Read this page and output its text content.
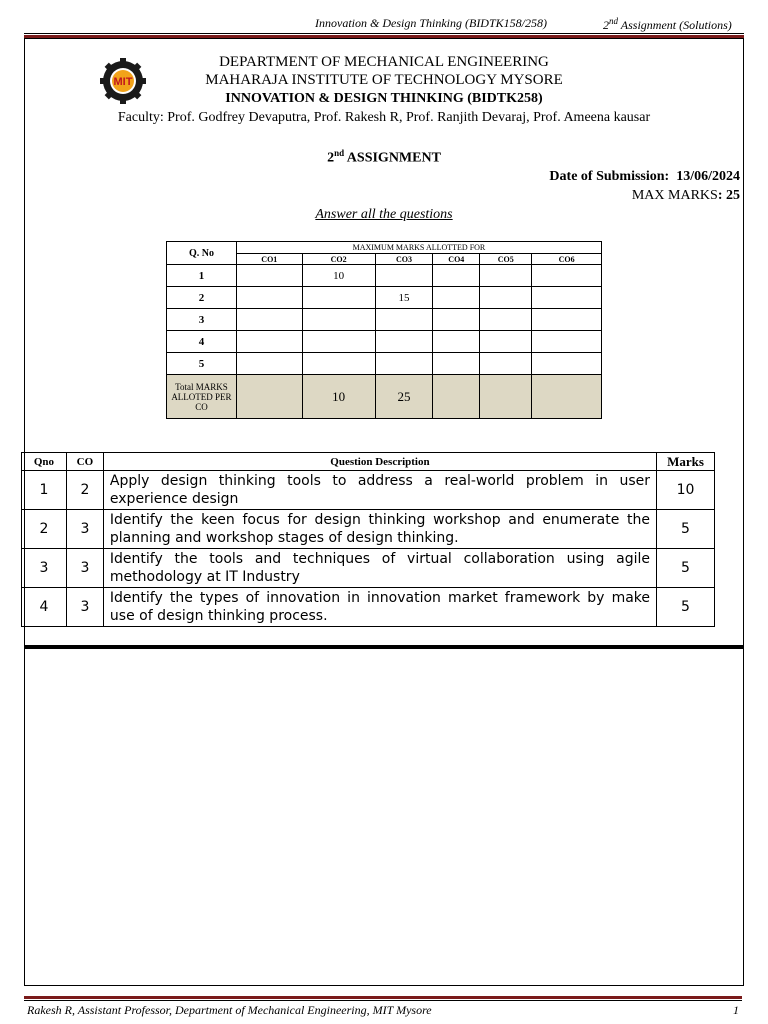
Innovation & Design Thinking (BIDTK158/258)	2nd Assignment (Solutions)
MIT
DEPARTMENT OF MECHANICAL ENGINEERING
MAHARAJA INSTITUTE OF TECHNOLOGY MYSORE
INNOVATION & DESIGN THINKING (BIDTK258)
Faculty: Prof. Godfrey Devaputra, Prof. Rakesh R, Prof. Ranjith Devaraj, Prof. Ameena kausar
2nd ASSIGNMENT
Date of Submission: 13/06/2024
MAX MARKS: 25
Answer all the questions
Q. No	MAXIMUM MARKS ALLOTTED FOR					
	CO1	CO2	CO3	CO4	CO5	CO6
1		10				
2			15			
3						
4						
5						
Total MARKS ALLOTED PER CO		10	25			
Qno	CO	Question Description	Marks
1	2	Apply design thinking tools to address a real-world problem in user experience design	10
2	3	Identify the keen focus for design thinking workshop and enumerate the planning and workshop stages of design thinking.	5
3	3	Identify the tools and techniques of virtual collaboration using agile methodology at IT Industry	5
4	3	Identify the types of innovation in innovation market framework by make use of design thinking process.	5
Rakesh R, Assistant Professor, Department of Mechanical Engineering, MIT Mysore	1
